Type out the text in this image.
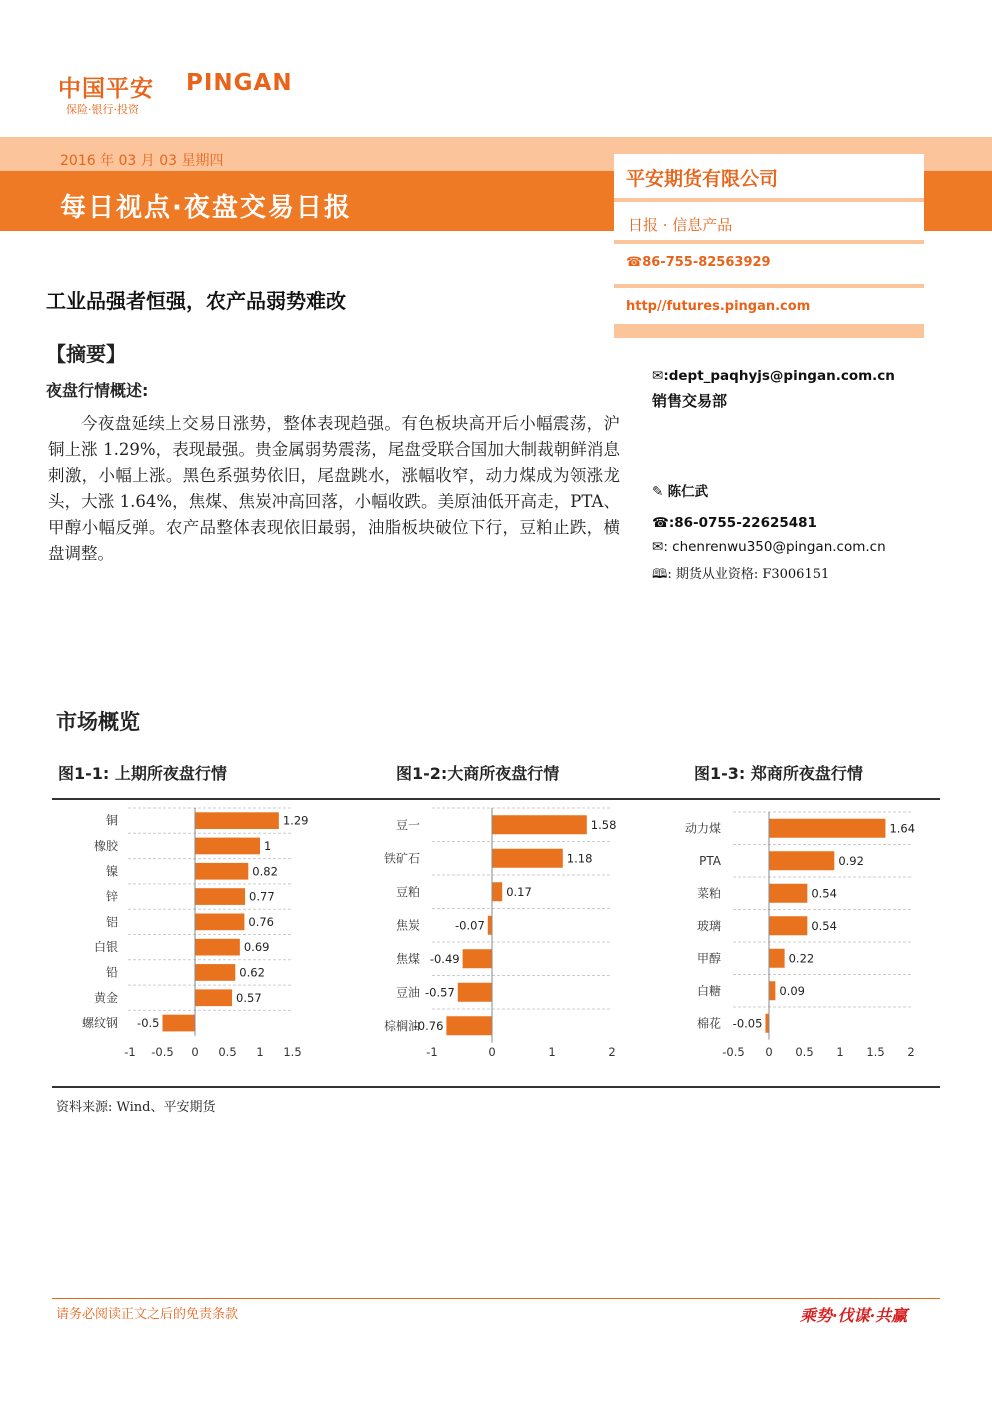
中国平安 PINGAN
保险·银行·投资
2016 年 03 月 03 星期四
每日视点·夜盘交易日报
平安期货有限公司
日报 · 信息产品
☎86-755-82563929
http//futures.pingan.com
工业品强者恒强，农产品弱势难改
【摘要】
夜盘行情概述:
今夜盘延续上交易日涨势，整体表现趋强。有色板块高开后小幅震荡，沪铜上涨 1.29%，表现最强。贵金属弱势震荡，尾盘受联合国加大制裁朝鲜消息刺激，小幅上涨。黑色系强势依旧，尾盘跳水，涨幅收窄，动力煤成为领涨龙头，大涨 1.64%，焦煤、焦炭冲高回落，小幅收跌。美原油低开高走，PTA、甲醇小幅反弹。农产品整体表现依旧最弱，油脂板块破位下行，豆粕止跌，横盘调整。
✉:dept_paqhyjs@pingan.com.cn
销售交易部
✎ 陈仁武
☎:86-0755-22625481
✉: chenrenwu350@pingan.com.cn
🕮: 期货从业资格: F3006151
市场概览
图1-1: 上期所夜盘行情	图1-2:大商所夜盘行情	图1-3: 郑商所夜盘行情
铜	1.29
橡胶	1
镍	0.82
锌	0.77
铝	0.76
白银	0.69
铅	0.62
黄金	0.57
螺纹钢 -0.5
-1 -0.5 0 0.5 1 1.5
豆一	1.58
铁矿石	1.18
豆粕	0.17
焦炭	-0.07
焦煤 -0.49
豆油 -0.57
棕榈油
-0.76
-1	0	1	2
动力煤	1.64
PTA	0.92
菜粕	0.54
玻璃	0.54
甲醇	0.22
白糖	0.09
棉花 -0.05
-0.5 0 0.5 1 1.5 2
资料来源: Wind、平安期货
请务必阅读正文之后的免责条款	乘势·伐谋·共赢
